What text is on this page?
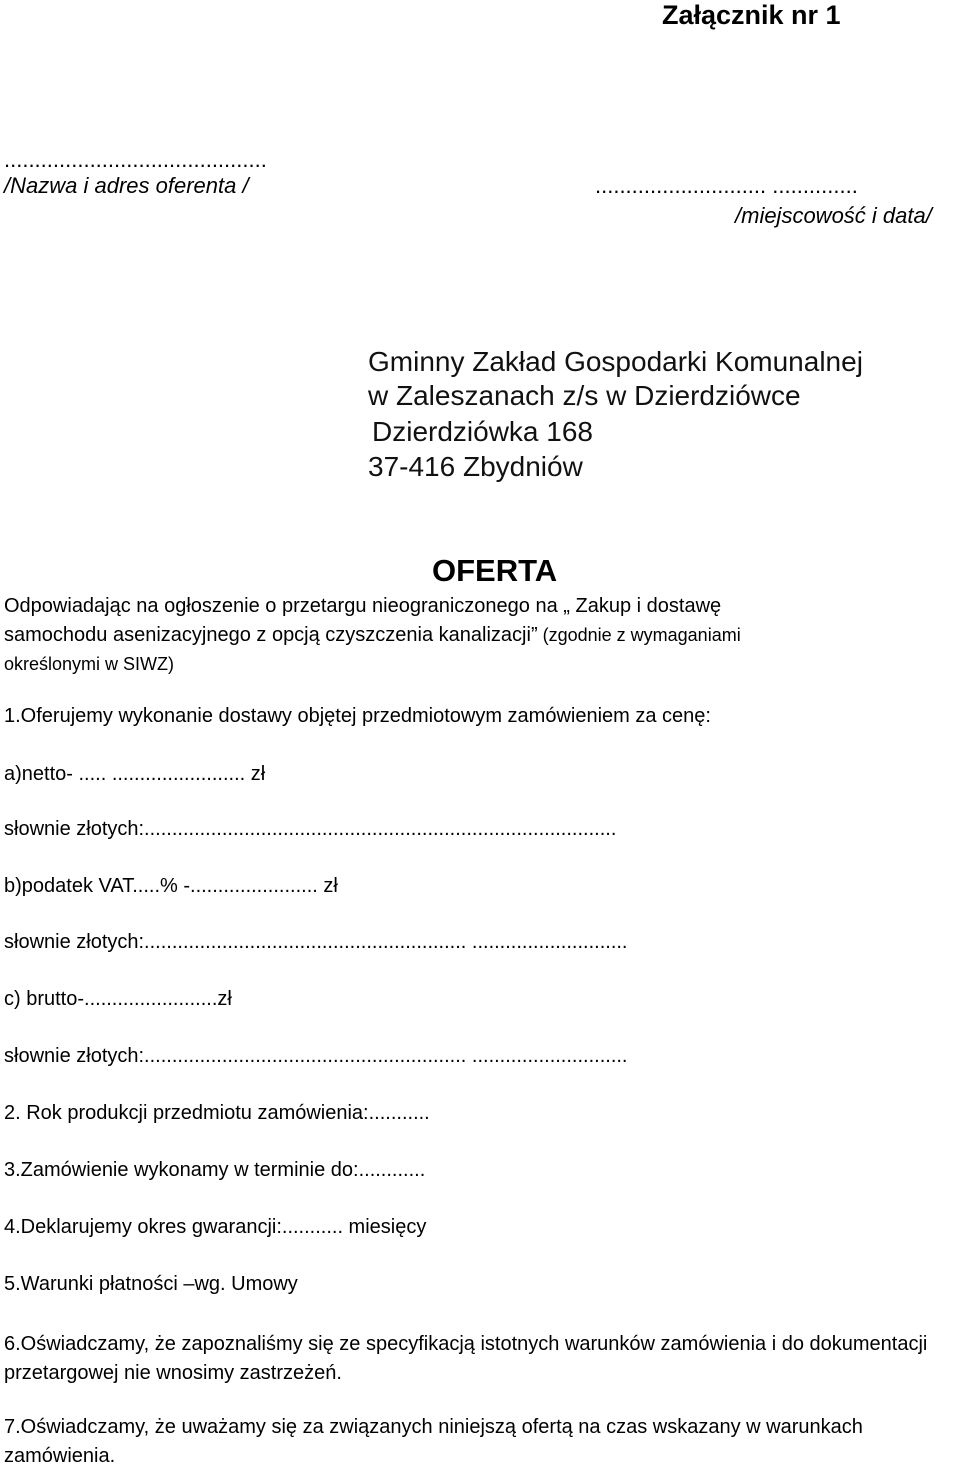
Załącznik nr 1
...........................................
/Nazwa i adres oferenta /	............................ ..............
/miejscowość i data/
Gminny Zakład Gospodarki Komunalnej
w Zaleszanach z/s w Dzierdziówce
Dzierdziówka 168
37-416 Zbydniów
OFERTA
Odpowiadając na ogłoszenie o przetargu nieograniczonego na „ Zakup i dostawę
samochodu asenizacyjnego z opcją czyszczenia kanalizacji” (zgodnie z wymaganiami
określonymi w SIWZ)
1.Oferujemy wykonanie dostawy objętej przedmiotowym zamówieniem za cenę:
a)netto- ..... ........................ zł
słownie złotych:.....................................................................................
b)podatek VAT.....% -....................... zł
słownie złotych:.......................................................... ............................
c) brutto-........................zł
słownie złotych:.......................................................... ............................
2. Rok produkcji przedmiotu zamówienia:...........
3.Zamówienie wykonamy w terminie do:............
4.Deklarujemy okres gwarancji:........... miesięcy
5.Warunki płatności –wg. Umowy
6.Oświadczamy, że zapoznaliśmy się ze specyfikacją istotnych warunków zamówienia i do dokumentacji przetargowej nie wnosimy zastrzeżeń.
7.Oświadczamy, że uważamy się za związanych niniejszą ofertą na czas wskazany w warunkach zamówienia.
